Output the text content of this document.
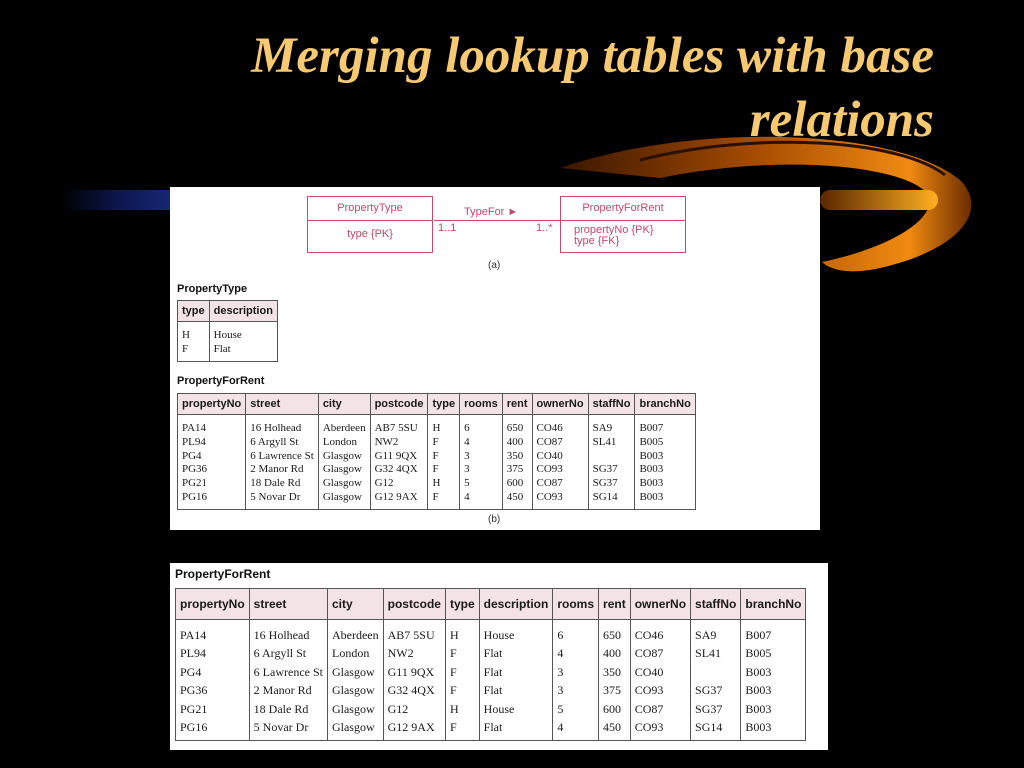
Merging lookup tables with base
relations
PropertyType
type {PK}
TypeFor ►
1..1	1..*
PropertyForRent
propertyNo {PK}
type {FK}
(a)
PropertyType
type	description
H	House
F	Flat
PropertyForRent
propertyNo	street	city	postcode	type	rooms	rent	ownerNo	staffNo	branchNo
PA14	16 Holhead	Aberdeen	AB7 5SU	H	6	650	CO46	SA9	B007
PL94	6 Argyll St	London	NW2	F	4	400	CO87	SL41	B005
PG4	6 Lawrence St	Glasgow	G11 9QX	F	3	350	CO40		B003
PG36	2 Manor Rd	Glasgow	G32 4QX	F	3	375	CO93	SG37	B003
PG21	18 Dale Rd	Glasgow	G12	H	5	600	CO87	SG37	B003
PG16	5 Novar Dr	Glasgow	G12 9AX	F	4	450	CO93	SG14	B003
(b)
PropertyForRent
propertyNo	street	city	postcode	type	description	rooms	rent	ownerNo	staffNo	branchNo
PA14	16 Holhead	Aberdeen	AB7 5SU	H	House	6	650	CO46	SA9	B007
PL94	6 Argyll St	London	NW2	F	Flat	4	400	CO87	SL41	B005
PG4	6 Lawrence St	Glasgow	G11 9QX	F	Flat	3	350	CO40		B003
PG36	2 Manor Rd	Glasgow	G32 4QX	F	Flat	3	375	CO93	SG37	B003
PG21	18 Dale Rd	Glasgow	G12	H	House	5	600	CO87	SG37	B003
PG16	5 Novar Dr	Glasgow	G12 9AX	F	Flat	4	450	CO93	SG14	B003
